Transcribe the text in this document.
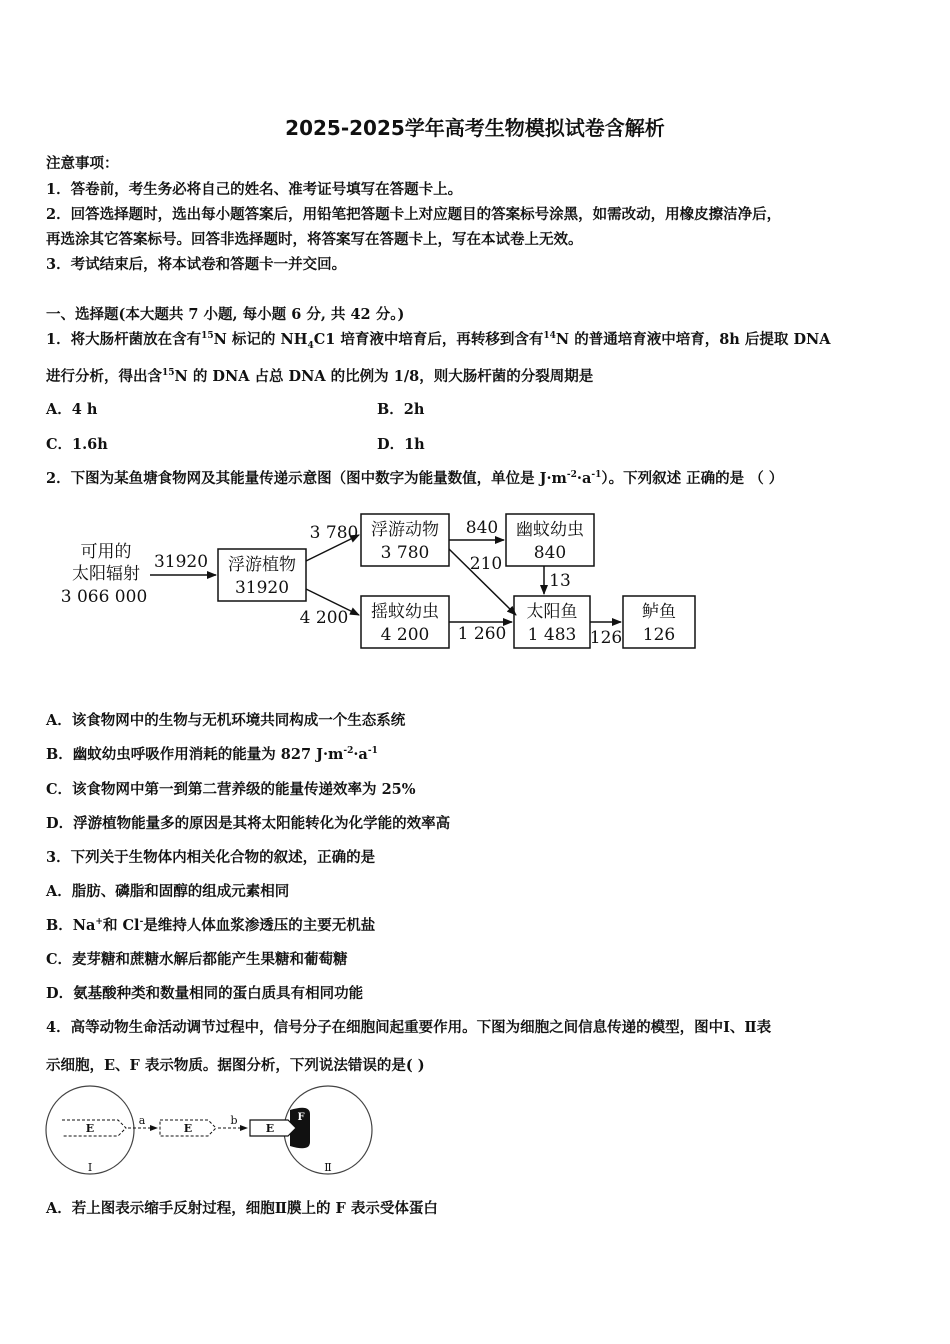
2025-2025学年高考生物模拟试卷含解析
注意事项：
1．答卷前，考生务必将自己的姓名、准考证号填写在答题卡上。
2．回答选择题时，选出每小题答案后，用铅笔把答题卡上对应题目的答案标号涂黑，如需改动，用橡皮擦洁净后，
再选涂其它答案标号。回答非选择题时，将答案写在答题卡上，写在本试卷上无效。
3．考试结束后，将本试卷和答题卡一并交回。
一、选择题(本大题共 7 小题, 每小题 6 分, 共 42 分。)
1．将大肠杆菌放在含有$^{15}$N 标记的 $NH_4C1$ 培育液中培育后，再转移到含有$^{14}$N 的普通培育液中培育，8h 后提取 DNA
进行分析，得出含$^{15}$N 的 DNA 占总 DNA 的比例为 1/8，则大肠杆菌的分裂周期是
A．4 h	B．2h
C．1.6h	D．1h
2．下图为某鱼塘食物网及其能量传递示意图（图中数字为能量数值，单位是 $J\cdot m^{-2}\cdot a^{-1}$）。下列叙述 正确的是 （ ）
可用的
太阳辐射
3 066 000
浮游植物
31920
浮游动物
3 780
摇蚊幼虫
4 200
幽蚊幼虫
840
太阳鱼
1 483
鲈鱼
126
31920
3 780
4 200
840
210
13
1 260	126
A．该食物网中的生物与无机环境共同构成一个生态系统
B．幽蚊幼虫呼吸作用消耗的能量为 827 $J\cdot m^{-2}\cdot a^{-1}$
C．该食物网中第一到第二营养级的能量传递效率为 25%
D．浮游植物能量多的原因是其将太阳能转化为化学能的效率高
3．下列关于生物体内相关化合物的叙述，正确的是
A．脂肪、磷脂和固醇的组成元素相同
B．Na+和 Cl-是维持人体血浆渗透压的主要无机盐
C．麦芽糖和蔗糖水解后都能产生果糖和葡萄糖
D．氨基酸种类和数量相同的蛋白质具有相同功能
4．高等动物生命活动调节过程中，信号分子在细胞间起重要作用。下图为细胞之间信息传递的模型，图中Ⅰ、Ⅱ表
示细胞，E、F 表示物质。据图分析，下列说法错误的是( )
E
Ⅰ
a
E
b
E
F
Ⅱ
A．若上图表示缩手反射过程，细胞Ⅱ膜上的 F 表示受体蛋白
